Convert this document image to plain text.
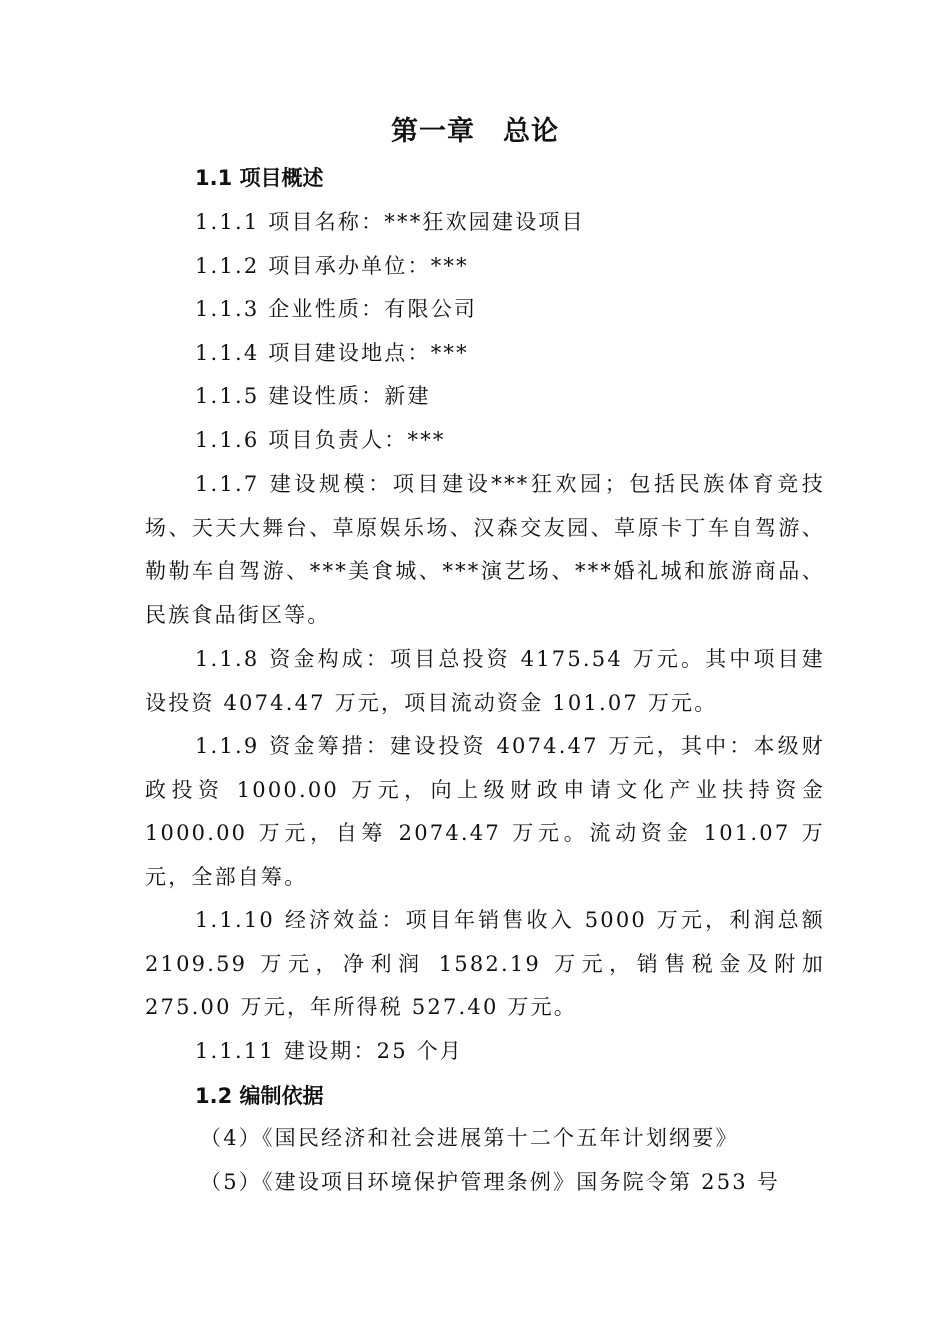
第一章　总论
1.1 项目概述

1.1.1 项目名称：***狂欢园建设项目

1.1.2 项目承办单位：***

1.1.3 企业性质：有限公司

1.1.4 项目建设地点：***

1.1.5 建设性质：新建

1.1.6 项目负责人：***

1.1.7 建设规模：项目建设***狂欢园；包括民族体育竞技场、天天大舞台、草原娱乐场、汉森交友园、草原卡丁车自驾游、勒勒车自驾游、***美食城、***演艺场、***婚礼城和旅游商品、民族食品街区等。

1.1.8 资金构成：项目总投资 4175.54 万元。其中项目建设投资 4074.47 万元，项目流动资金 101.07 万元。

1.1.9 资金筹措：建设投资 4074.47 万元，其中：本级财政投资 1000.00 万元，向上级财政申请文化产业扶持资金 1000.00 万元，自筹 2074.47 万元。流动资金 101.07 万元，全部自筹。

1.1.10 经济效益：项目年销售收入 5000 万元，利润总额 2109.59 万元，净利润 1582.19 万元，销售税金及附加 275.00 万元，年所得税 527.40 万元。

1.1.11 建设期：25 个月

1.2 编制依据

（4）《国民经济和社会进展第十二个五年计划纲要》

（5）《建设项目环境保护管理条例》国务院令第 253 号
